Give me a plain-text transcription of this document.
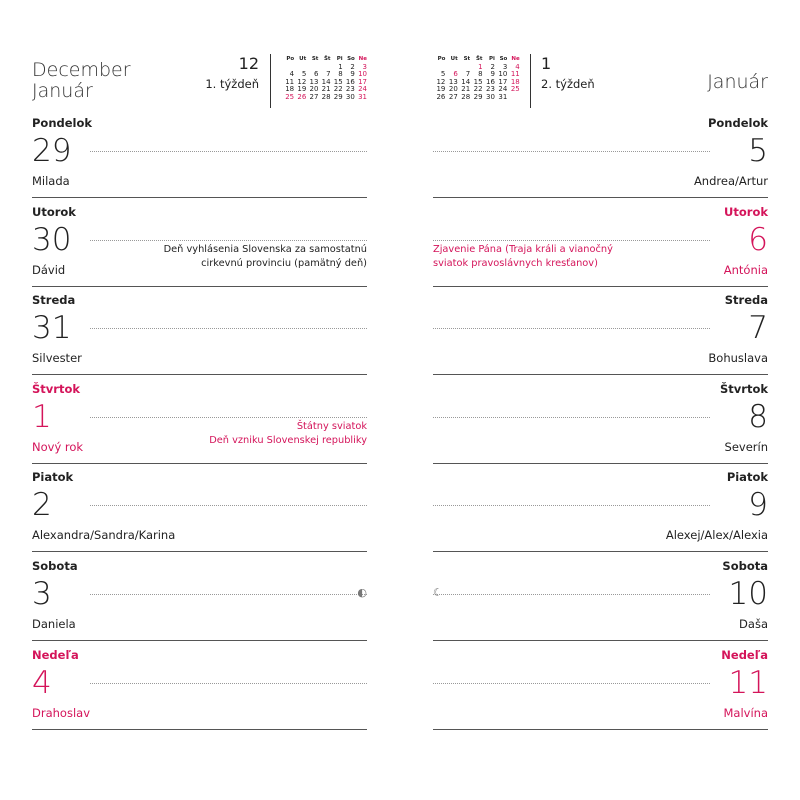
December
Január
12
1. týždeň
Po	Ut	St	Št	Pi	So	Ne
				1	2	3
4	5	6	7	8	9	10
11	12	13	14	15	16	17
18	19	20	21	22	23	24
25	26	27	28	29	30	31
Pondelok
29
Milada
Utorok
30
Dávid
Deň vyhlásenia Slovenska za samostatnú cirkevnú provinciu (pamätný deň)
Streda
31
Silvester
Štvrtok
1
Nový rok
Štátny sviatok
Deň vzniku Slovenskej republiky
Piatok
2
Alexandra/Sandra/Karina
Sobota
3
Daniela
◐
Nedeľa
4
Drahoslav
Január
1
2. týždeň
Po	Ut	St	Št	Pi	So	Ne
			1	2	3	4
5	6	7	8	9	10	11
12	13	14	15	16	17	18
19	20	21	22	23	24	25
26	27	28	29	30	31	
Pondelok
5
Andrea/Artur
Utorok
6
Antónia
Zjavenie Pána (Traja králi a vianočný sviatok pravoslávnych kresťanov)
Streda
7
Bohuslava
Štvrtok
8
Severín
Piatok
9
Alexej/Alex/Alexia
Sobota
10
Daša
☾
Nedeľa
11
Malvína
